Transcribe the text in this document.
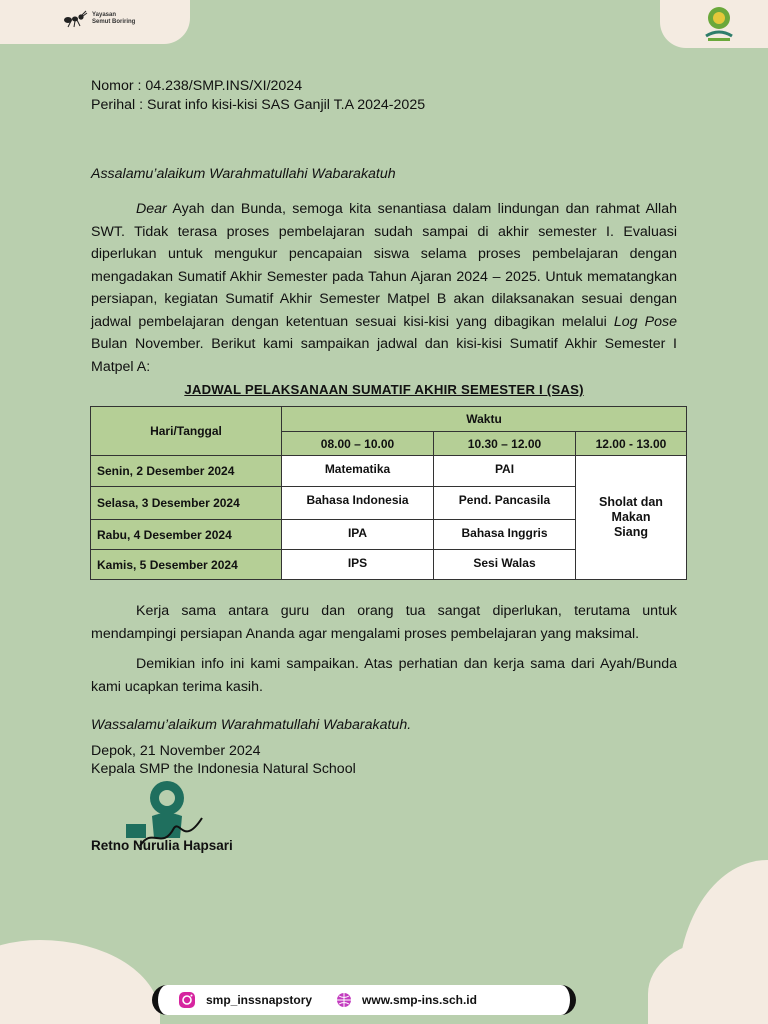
Yayasan
Semut Boriring
Nomor : 04.238/SMP.INS/XI/2024
Perihal : Surat info kisi-kisi SAS Ganjil T.A 2024-2025
Assalamu’alaikum Warahmatullahi Wabarakatuh
Dear Ayah dan Bunda, semoga kita senantiasa dalam lindungan dan rahmat Allah SWT. Tidak terasa proses pembelajaran sudah sampai di akhir semester I. Evaluasi diperlukan untuk mengukur pencapaian siswa selama proses pembelajaran dengan mengadakan Sumatif Akhir Semester pada Tahun Ajaran 2024 – 2025. Untuk mematangkan persiapan, kegiatan Sumatif Akhir Semester Matpel B akan dilaksanakan sesuai dengan jadwal pembelajaran dengan ketentuan sesuai kisi-kisi yang dibagikan melalui Log Pose Bulan November. Berikut kami sampaikan jadwal dan kisi-kisi Sumatif Akhir Semester I Matpel A:
JADWAL PELAKSANAAN SUMATIF AKHIR SEMESTER I (SAS)
Hari/Tanggal	Waktu		
	08.00 – 10.00	10.30 – 12.00	12.00 - 13.00
Senin, 2 Desember 2024	Matematika	PAI	Sholat dan
Makan
Siang

Selasa, 3 Desember 2024	Bahasa Indonesia	Pend. Pancasila	
Rabu, 4 Desember 2024	IPA	Bahasa Inggris	
Kamis, 5 Desember 2024	IPS	Sesi Walas	
Kerja sama antara guru dan orang tua sangat diperlukan, terutama untuk mendampingi persiapan Ananda agar mengalami proses pembelajaran yang maksimal.
Demikian info ini kami sampaikan. Atas perhatian dan kerja sama dari Ayah/Bunda kami ucapkan terima kasih.
Wassalamu’alaikum Warahmatullahi Wabarakatuh.
Depok, 21 November 2024
Kepala SMP the Indonesia Natural School
Retno Nurulia Hapsari
smp_inssnapstory	www.smp-ins.sch.id
